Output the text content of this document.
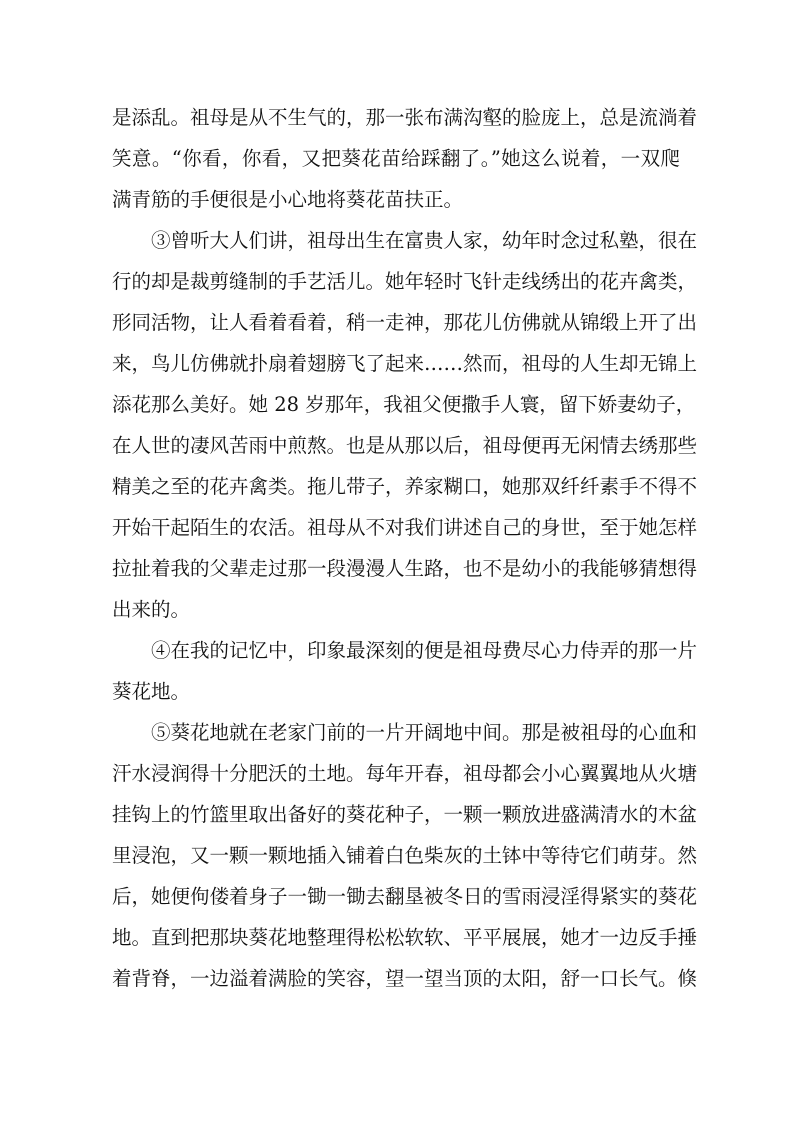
是添乱。祖母是从不生气的，那一张布满沟壑的脸庞上，总是流淌着
笑意。“你看，你看，又把葵花苗给踩翻了。”她这么说着，一双爬
满青筋的手便很是小心地将葵花苗扶正。
③曾听大人们讲，祖母出生在富贵人家，幼年时念过私塾，很在
行的却是裁剪缝制的手艺活儿。她年轻时飞针走线绣出的花卉禽类，
形同活物，让人看着看着，稍一走神，那花儿仿佛就从锦缎上开了出
来，鸟儿仿佛就扑扇着翅膀飞了起来……然而，祖母的人生却无锦上
添花那么美好。她 28 岁那年，我祖父便撒手人寰，留下娇妻幼子，
在人世的凄风苦雨中煎熬。也是从那以后，祖母便再无闲情去绣那些
精美之至的花卉禽类。拖儿带子，养家糊口，她那双纤纤素手不得不
开始干起陌生的农活。祖母从不对我们讲述自己的身世，至于她怎样
拉扯着我的父辈走过那一段漫漫人生路，也不是幼小的我能够猜想得
出来的。
④在我的记忆中，印象最深刻的便是祖母费尽心力侍弄的那一片
葵花地。
⑤葵花地就在老家门前的一片开阔地中间。那是被祖母的心血和
汗水浸润得十分肥沃的土地。每年开春，祖母都会小心翼翼地从火塘
挂钩上的竹篮里取出备好的葵花种子，一颗一颗放进盛满清水的木盆
里浸泡，又一颗一颗地插入铺着白色柴灰的土钵中等待它们萌芽。然
后，她便佝偻着身子一锄一锄去翻垦被冬日的雪雨浸淫得紧实的葵花
地。直到把那块葵花地整理得松松软软、平平展展，她才一边反手捶
着背脊，一边溢着满脸的笑容，望一望当顶的太阳，舒一口长气。倏
